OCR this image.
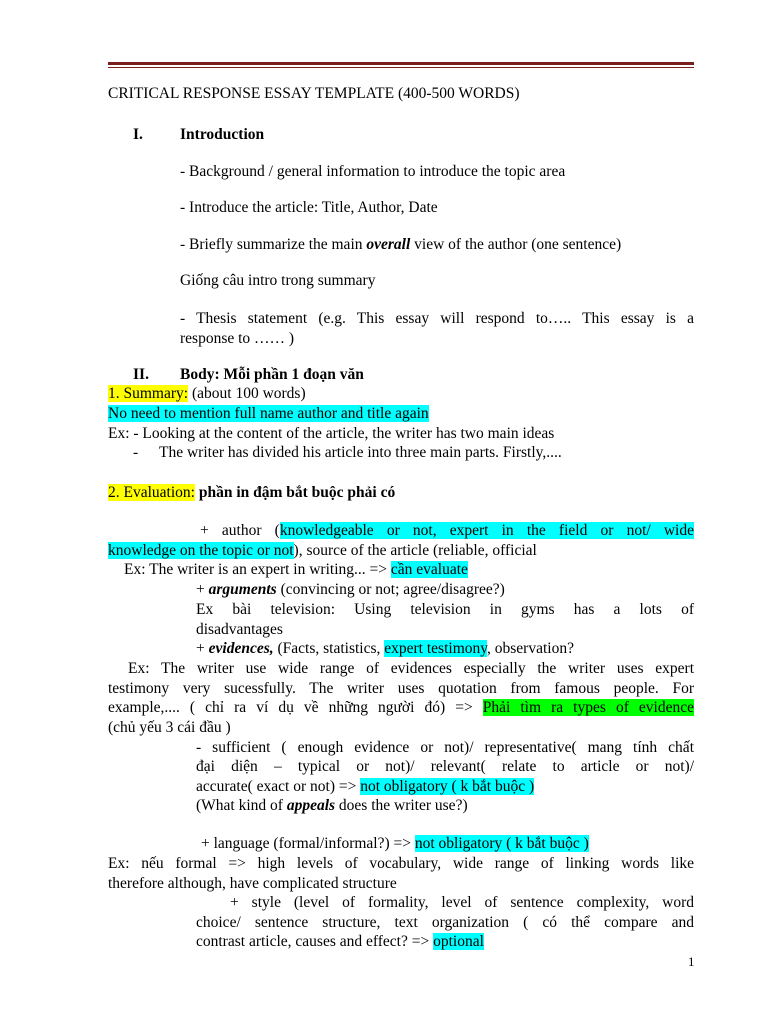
CRITICAL RESPONSE ESSAY TEMPLATE (400-500 WORDS)
I. Introduction
- Background / general information to introduce the topic area
- Introduce the article: Title, Author, Date
- Briefly summarize the main overall view of the author (one sentence)
Giống câu intro trong summary
- Thesis statement (e.g. This essay will respond to….. This essay is a
response to …… )
II. Body: Mỗi phần 1 đoạn văn
1. Summary: (about 100 words)
No need to mention full name author and title again
Ex: - Looking at the content of the article, the writer has two main ideas
- The writer has divided his article into three main parts. Firstly,....
2. Evaluation: phần in đậm bắt buộc phải có
+ author (knowledgeable or not, expert in the field or not/ wide
knowledge on the topic or not), source of the article (reliable, official
Ex: The writer is an expert in writing... => cần evaluate
+ arguments (convincing or not; agree/disagree?)
Ex bài television: Using television in gyms has a lots of
disadvantages
+ evidences, (Facts, statistics, expert testimony, observation?
Ex: The writer use wide range of evidences especially the writer uses expert
testimony very sucessfully. The writer uses quotation from famous people. For
example,.... ( chỉ ra ví dụ về những người đó) => Phải tìm ra types of evidence
(chủ yếu 3 cái đầu )
- sufficient ( enough evidence or not)/ representative( mang tính chất
đại diện – typical or not)/ relevant( relate to article or not)/
accurate( exact or not) => not obligatory ( k bắt buộc )
(What kind of appeals does the writer use?)
+ language (formal/informal?) => not obligatory ( k bắt buộc )
Ex: nếu formal => high levels of vocabulary, wide range of linking words like
therefore although, have complicated structure
+ style (level of formality, level of sentence complexity, word
choice/ sentence structure, text organization ( có thể compare and
contrast article, causes and effect? => optional
1
